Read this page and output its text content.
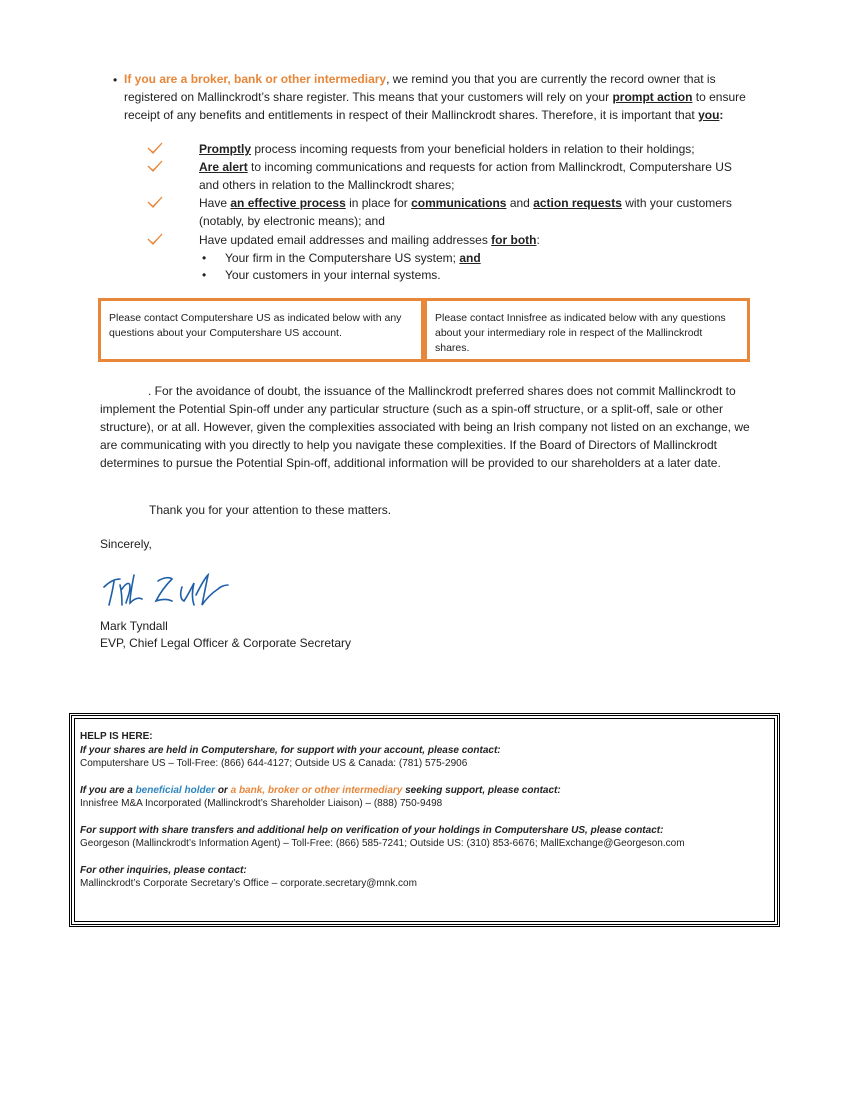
• If you are a broker, bank or other intermediary, we remind you that you are currently the record owner that is registered on Mallinckrodt’s share register. This means that your customers will rely on your prompt action to ensure receipt of any benefits and entitlements in respect of their Mallinckrodt shares. Therefore, it is important that you:
Promptly process incoming requests from your beneficial holders in relation to their holdings;
Are alert to incoming communications and requests for action from Mallinckrodt, Computershare US and others in relation to the Mallinckrodt shares;
Have an effective process in place for communications and action requests with your customers (notably, by electronic means); and
Have updated email addresses and mailing addresses for both:
• Your firm in the Computershare US system; and
• Your customers in your internal systems.
Please contact Computershare US as indicated below with any questions about your Computershare US account.
Please contact Innisfree as indicated below with any questions about your intermediary role in respect of the Mallinckrodt shares.
. For the avoidance of doubt, the issuance of the Mallinckrodt preferred shares does not commit Mallinckrodt to implement the Potential Spin-off under any particular structure (such as a spin-off structure, or a split-off, sale or other structure), or at all. However, given the complexities associated with being an Irish company not listed on an exchange, we are communicating with you directly to help you navigate these complexities. If the Board of Directors of Mallinckrodt determines to pursue the Potential Spin-off, additional information will be provided to our shareholders at a later date.
Thank you for your attention to these matters.
Sincerely,
Mark Tyndall
EVP, Chief Legal Officer & Corporate Secretary
HELP IS HERE:
If your shares are held in Computershare, for support with your account, please contact:
Computershare US – Toll-Free: (866) 644-4127; Outside US & Canada: (781) 575-2906
If you are a beneficial holder or a bank, broker or other intermediary seeking support, please contact:
Innisfree M&A Incorporated (Mallinckrodt’s Shareholder Liaison) – (888) 750-9498
For support with share transfers and additional help on verification of your holdings in Computershare US, please contact:
Georgeson (Mallinckrodt’s Information Agent) – Toll-Free: (866) 585-7241; Outside US: (310) 853-6676; MallExchange@Georgeson.com
For other inquiries, please contact:
Mallinckrodt’s Corporate Secretary’s Office – corporate.secretary@mnk.com
